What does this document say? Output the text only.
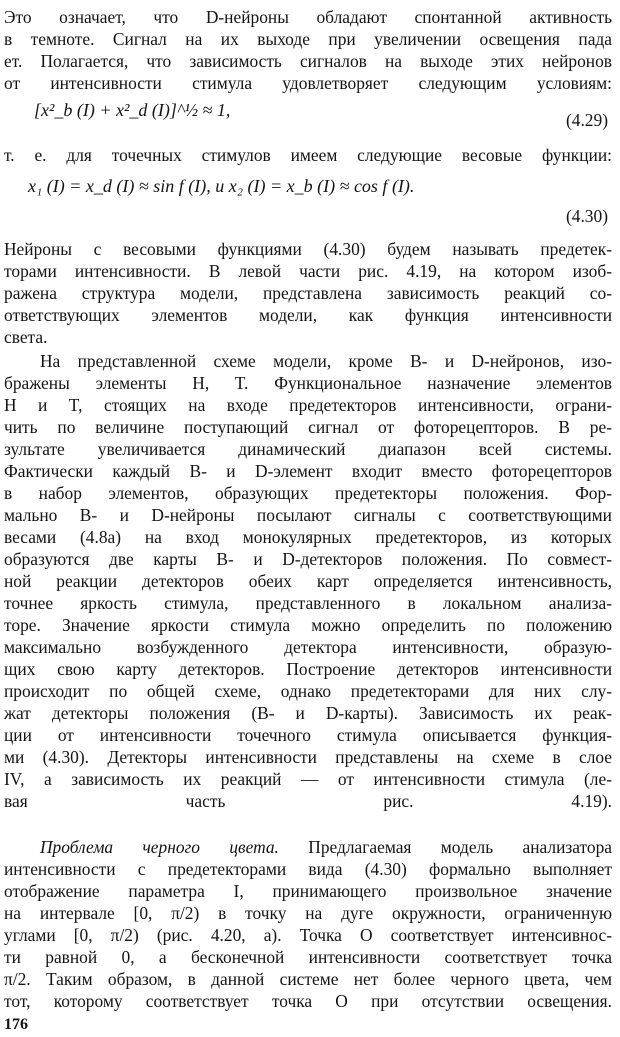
Это означает, что D-нейроны обладают спонтанной активность
в темноте. Сигнал на их выходе при увеличении освещения пада
ет. Полагается, что зависимость сигналов на выходе этих нейронов
от интенсивности стимула удовлетворяет следующим условиям:
[x²_b (I) + x²_d (I)]^½ ≈ 1,	(4.29)
т. е. для точечных стимулов имеем следующие весовые функции:
x₁ (I) = x_d (I) ≈ sin f (I), и x₂ (I) = x_b (I) ≈ cos f (I).
(4.30)
Нейроны с весовыми функциями (4.30) будем называть предетек-
торами интенсивности. В левой части рис. 4.19, на котором изоб-
ражена структура модели, представлена зависимость реакций со-
ответствующих элементов модели, как функция интенсивности
света.
На представленной схеме модели, кроме B- и D-нейронов, изо-
бражены элементы H, T. Функциональное назначение элементов
H и T, стоящих на входе предетекторов интенсивности, ограни-
чить по величине поступающий сигнал от фоторецепторов. В ре-
зультате увеличивается динамический диапазон всей системы.
Фактически каждый B- и D-элемент входит вместо фоторецепторов
в набор элементов, образующих предетекторы положения. Фор-
мально B- и D-нейроны посылают сигналы с соответствующими
весами (4.8а) на вход монокулярных предетекторов, из которых
образуются две карты B- и D-детекторов положения. По совмест-
ной реакции детекторов обеих карт определяется интенсивность,
точнее яркость стимула, представленного в локальном анализа-
торе. Значение яркости стимула можно определить по положению
максимально возбужденного детектора интенсивности, образую-
щих свою карту детекторов. Построение детекторов интенсивности
происходит по общей схеме, однако предетекторами для них слу-
жат детекторы положения (B- и D-карты). Зависимость их реак-
ции от интенсивности точечного стимула описывается функция-
ми (4.30). Детекторы интенсивности представлены на схеме в слое
IV, а зависимость их реакций — от интенсивности стимула (ле-
вая часть рис. 4.19).
Проблема черного цвета. Предлагаемая модель анализатора
интенсивности с предетекторами вида (4.30) формально выполняет
отображение параметра I, принимающего произвольное значение
на интервале [0, π/2) в точку на дуге окружности, ограниченную
углами [0, π/2) (рис. 4.20, а). Точка O соответствует интенсивнос-
ти равной 0, а бесконечной интенсивности соответствует точка
π/2. Таким образом, в данной системе нет более черного цвета, чем
тот, которому соответствует точка O при отсутствии освещения.
176
